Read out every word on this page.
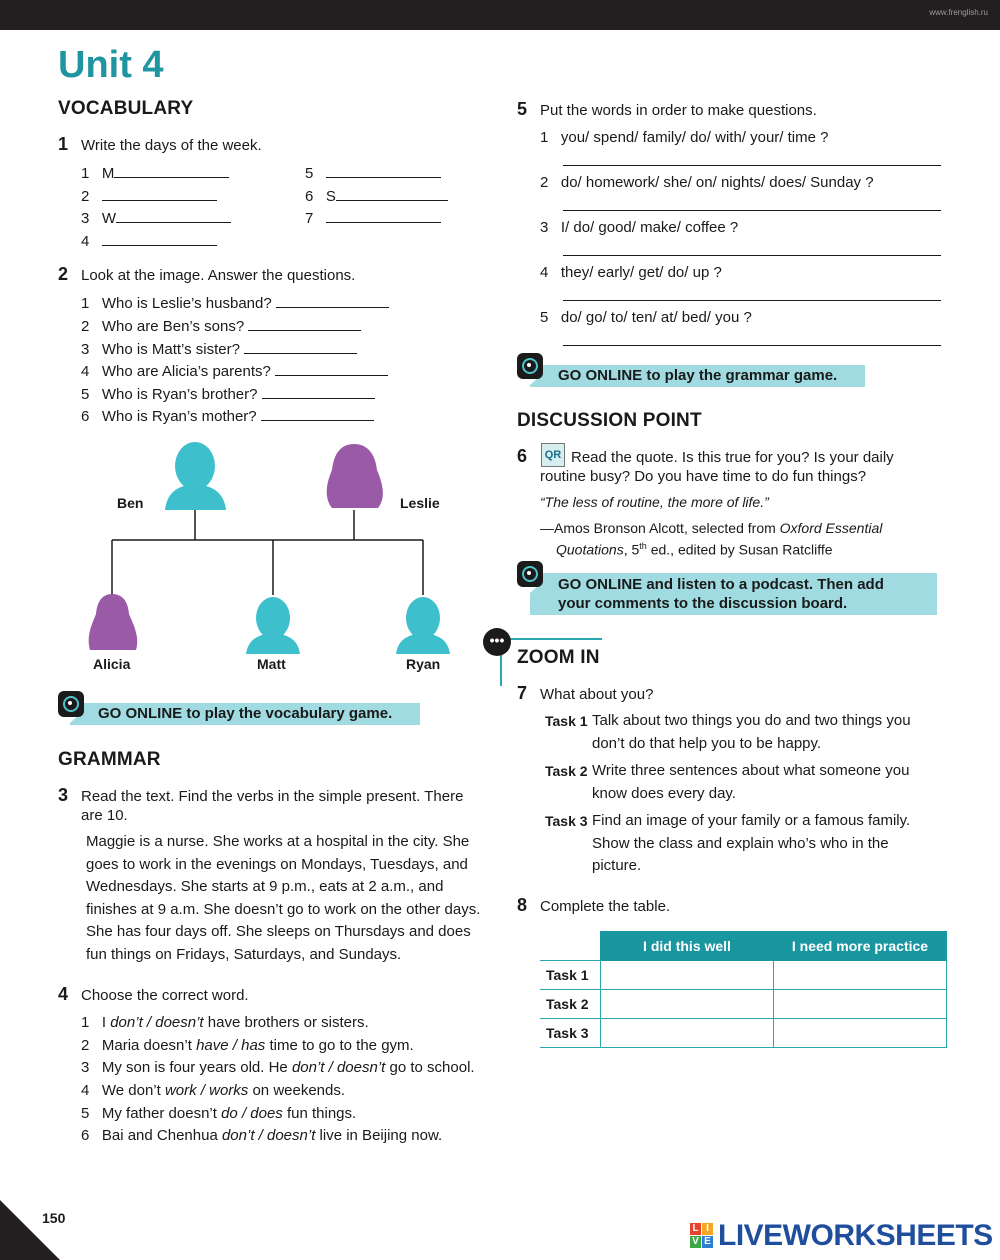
www.frenglish.ru
Unit 4
VOCABULARY
1 Write the days of the week.
1 M
2
3 W
4
5
6 S
7
2 Look at the image. Answer the questions.
1 Who is Leslie’s husband?
2 Who are Ben’s sons?
3 Who is Matt’s sister?
4 Who are Alicia’s parents?
5 Who is Ryan’s brother?
6 Who is Ryan’s mother?
Ben	Leslie
Alicia	Matt	Ryan
GO ONLINE to play the vocabulary game.
GRAMMAR
3 Read the text. Find the verbs in the simple present. There
are 10.
Maggie is a nurse. She works at a hospital in the city. She
goes to work in the evenings on Mondays, Tuesdays, and
Wednesdays. She starts at 9 p.m., eats at 2 a.m., and
finishes at 9 a.m. She doesn’t go to work on the other days.
She has four days off. She sleeps on Thursdays and does
fun things on Fridays, Saturdays, and Sundays.
4 Choose the correct word.
1 I don’t / doesn’t have brothers or sisters.
2 Maria doesn’t have / has time to go to the gym.
3 My son is four years old. He don’t / doesn’t go to school.
4 We don’t work / works on weekends.
5 My father doesn’t do / does fun things.
6 Bai and Chenhua don’t / doesn’t live in Beijing now.
5 Put the words in order to make questions.
1 you/ spend/ family/ do/ with/ your/ time ?
2 do/ homework/ she/ on/ nights/ does/ Sunday ?
3 I/ do/ good/ make/ coffee ?
4 they/ early/ get/ do/ up ?
5 do/ go/ to/ ten/ at/ bed/ you ?
GO ONLINE to play the grammar game.
DISCUSSION POINT
6	QR Read the quote. Is this true for you? Is your daily
routine busy? Do you have time to do fun things?
“The less of routine, the more of life.”
—Amos Bronson Alcott, selected from Oxford Essential
Quotations, 5th ed., edited by Susan Ratcliffe
GO ONLINE and listen to a podcast. Then add
your comments to the discussion board.
•••
ZOOM IN
7 What about you?
Task 1 Talk about two things you do and two things you
don’t do that help you to be happy.
Task 2 Write three sentences about what someone you
know does every day.
Task 3 Find an image of your family or a famous family.
Show the class and explain who’s who in the
picture.
8 Complete the table.
	I did this well	I need more practice
Task 1		
Task 2		
Task 3		
150
L I
V E LIVEWORKSHEETS
